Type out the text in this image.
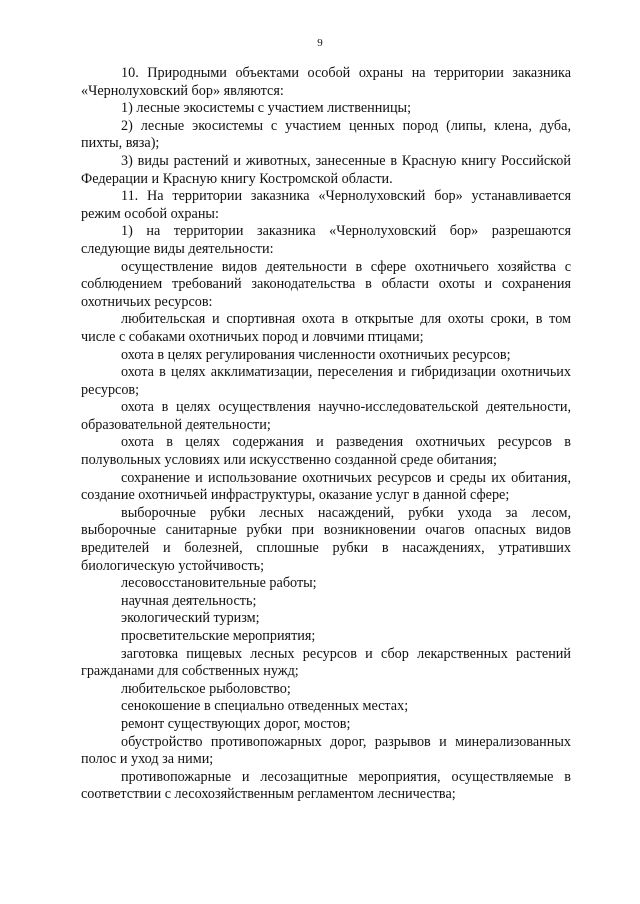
9

10. Природными объектами особой охраны на территории заказника «Чернолуховский бор» являются:

1) лесные экосистемы с участием лиственницы;

2) лесные экосистемы с участием ценных пород (липы, клена, дуба, пихты, вяза);

3) виды растений и животных, занесенные в Красную книгу Российской Федерации и Красную книгу Костромской области.

11. На территории заказника «Чернолуховский бор» устанавливается режим особой охраны:

1) на территории заказника «Чернолуховский бор» разрешаются следующие виды деятельности:

осуществление видов деятельности в сфере охотничьего хозяйства с соблюдением требований законодательства в области охоты и сохранения охотничьих ресурсов:

любительская и спортивная охота в открытые для охоты сроки, в том числе с собаками охотничьих пород и ловчими птицами;

охота в целях регулирования численности охотничьих ресурсов;

охота в целях акклиматизации, переселения и гибридизации охотничьих ресурсов;

охота в целях осуществления научно-исследовательской деятельности, образовательной деятельности;

охота в целях содержания и разведения охотничьих ресурсов в полувольных условиях или искусственно созданной среде обитания;

сохранение и использование охотничьих ресурсов и среды их обитания, создание охотничьей инфраструктуры, оказание услуг в данной сфере;

выборочные рубки лесных насаждений, рубки ухода за лесом, выборочные санитарные рубки при возникновении очагов опасных видов вредителей и болезней, сплошные рубки в насаждениях, утративших биологическую устойчивость;

лесовосстановительные работы;

научная деятельность;

экологический туризм;

просветительские мероприятия;

заготовка пищевых лесных ресурсов и сбор лекарственных растений гражданами для собственных нужд;

любительское рыболовство;

сенокошение в специально отведенных местах;

ремонт существующих дорог, мостов;

обустройство противопожарных дорог, разрывов и минерализованных полос и уход за ними;

противопожарные и лесозащитные мероприятия, осуществляемые в соответствии с лесохозяйственным регламентом лесничества;
